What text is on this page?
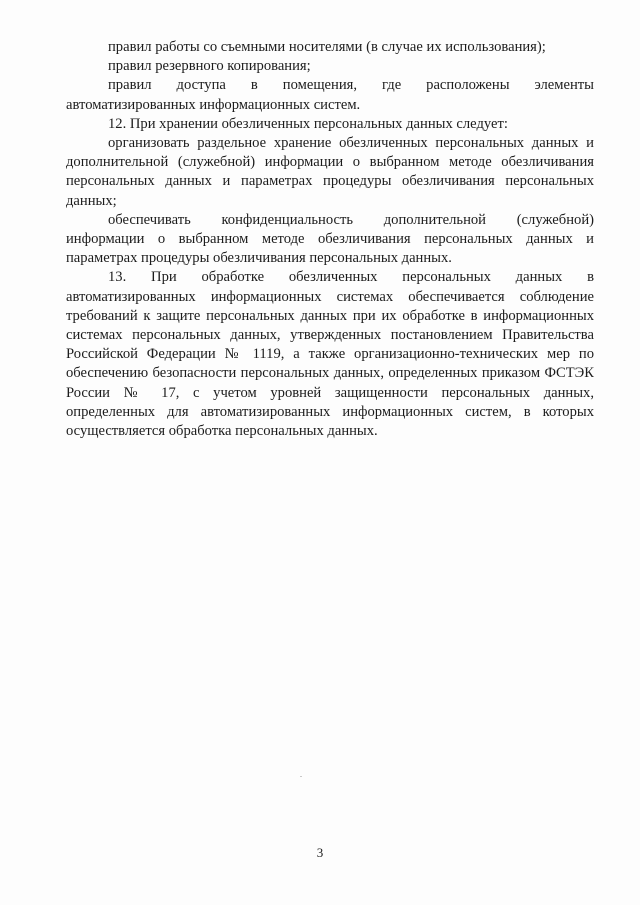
правил работы со съемными носителями (в случае их использования);

правил резервного копирования;

правил доступа в помещения, где расположены элементы автоматизированных информационных систем.

12. При хранении обезличенных персональных данных следует:

организовать раздельное хранение обезличенных персональных данных и дополнительной (служебной) информации о выбранном методе обезличивания персональных данных и параметрах процедуры обезличивания персональных данных;

обеспечивать конфиденциальность дополнительной (служебной) информации о выбранном методе обезличивания персональных данных и параметрах процедуры обезличивания персональных данных.

13. При обработке обезличенных персональных данных в автоматизированных информационных системах обеспечивается соблюдение требований к защите персональных данных при их обработке в информационных системах персональных данных, утвержденных постановлением Правительства Российской Федерации № 1119, а также организационно-технических мер по обеспечению безопасности персональных данных, определенных приказом ФСТЭК России № 17, с учетом уровней защищенности персональных данных, определенных для автоматизированных информационных систем, в которых осуществляется обработка персональных данных.

3
